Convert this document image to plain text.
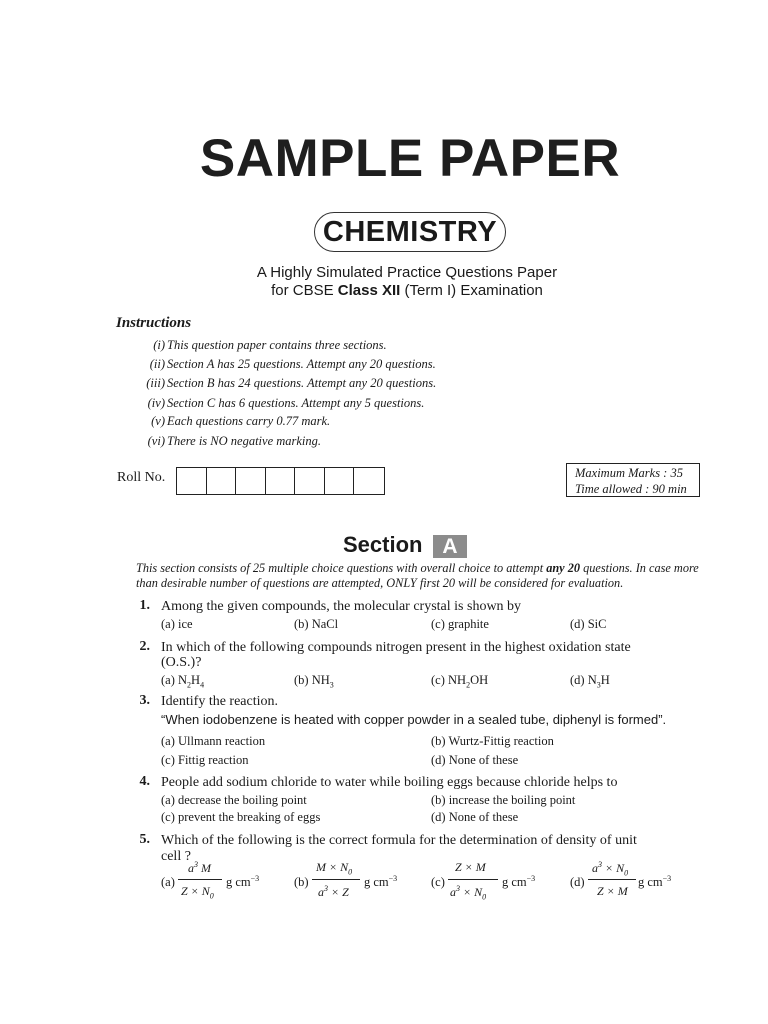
SAMPLE PAPER
CHEMISTRY
A Highly Simulated Practice Questions Paper
for CBSE Class XII (Term I) Examination
Instructions
(i) This question paper contains three sections.
(ii) Section A has 25 questions. Attempt any 20 questions.
(iii) Section B has 24 questions. Attempt any 20 questions.
(iv) Section C has 6 questions. Attempt any 5 questions.
(v) Each questions carry 0.77 mark.
(vi) There is NO negative marking.
Roll No.	Maximum Marks : 35
Time allowed : 90 min
Section A
This section consists of 25 multiple choice questions with overall choice to attempt any 20 questions. In case more than desirable number of questions are attempted, ONLY first 20 will be considered for evaluation.
1. Among the given compounds, the molecular crystal is shown by
(a) ice	(b) NaCl	(c) graphite	(d) SiC
2. In which of the following compounds nitrogen present in the highest oxidation state
(O.S.)?
(a) $N_2H_4$	(b) $NH_3$	(c) $NH_2OH$	(d) $N_3H$
3. Identify the reaction.
“When iodobenzene is heated with copper powder in a sealed tube, diphenyl is formed”.
(a) Ullmann reaction	(b) Wurtz-Fittig reaction
(c) Fittig reaction	(d) None of these
4. People add sodium chloride to water while boiling eggs because chloride helps to
(a) decrease the boiling point	(b) increase the boiling point
(c) prevent the breaking of eggs	(d) None of these
5. Which of the following is the correct formula for the determination of density of unit
cell ?
(a)
$a^3$ M
$Z \times N_0$
g $cm^{-3}$	(b)
$M \times N_0$
$a^3 \times Z$
g $cm^{-3}$	(c)
Z × M
$a^3 \times N_0$
g $cm^{-3}$	(d)
$a^3 \times N_0$
Z × M
g $cm^{-3}$
